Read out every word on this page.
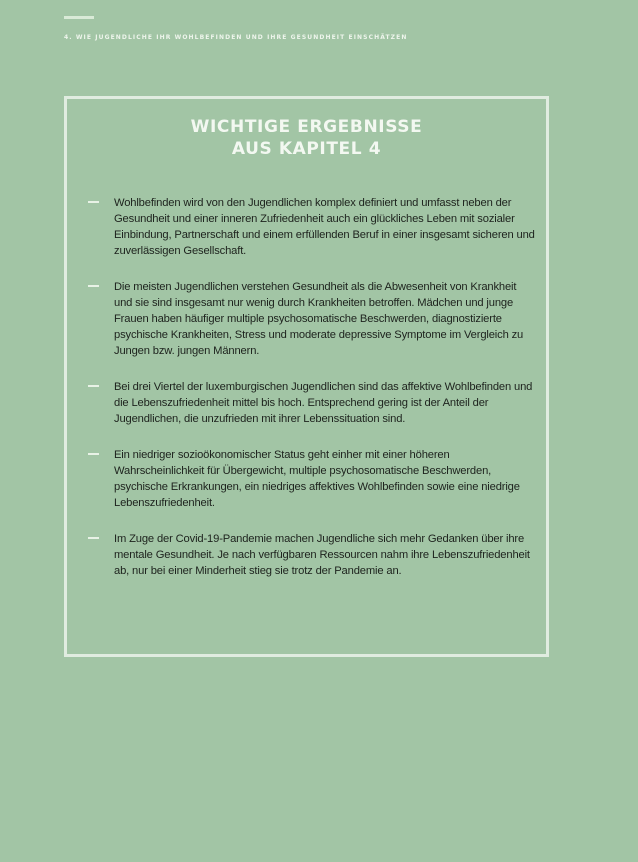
4. WIE JUGENDLICHE IHR WOHLBEFINDEN UND IHRE GESUNDHEIT EINSCHÄTZEN
WICHTIGE ERGEBNISSE
AUS KAPITEL 4
Wohlbefinden wird von den Jugendlichen komplex definiert und umfasst neben der Gesundheit und einer inneren Zufriedenheit auch ein glückliches Leben mit sozialer Einbindung, Partnerschaft und einem erfüllenden Beruf in einer insgesamt sicheren und zuverlässigen Gesellschaft.
Die meisten Jugendlichen verstehen Gesundheit als die Abwesenheit von Krankheit und sie sind insgesamt nur wenig durch Krankheiten betroffen. Mädchen und junge Frauen haben häufiger multiple psychosomatische Beschwerden, diagnostizierte psychische Krankheiten, Stress und moderate depressive Symptome im Vergleich zu Jungen bzw. jungen Männern.
Bei drei Viertel der luxemburgischen Jugendlichen sind das affektive Wohlbefinden und die Lebenszufriedenheit mittel bis hoch. Entsprechend gering ist der Anteil der Jugendlichen, die unzufrieden mit ihrer Lebenssituation sind.
Ein niedriger sozioökonomischer Status geht einher mit einer höheren Wahrscheinlichkeit für Übergewicht, multiple psychosomatische Beschwerden, psychische Erkrankungen, ein niedriges affektives Wohlbefinden sowie eine niedrige Lebenszufriedenheit.
Im Zuge der Covid-19-Pandemie machen Jugendliche sich mehr Gedanken über ihre mentale Gesundheit. Je nach verfügbaren Ressourcen nahm ihre Lebenszufriedenheit ab, nur bei einer Minderheit stieg sie trotz der Pandemie an.
